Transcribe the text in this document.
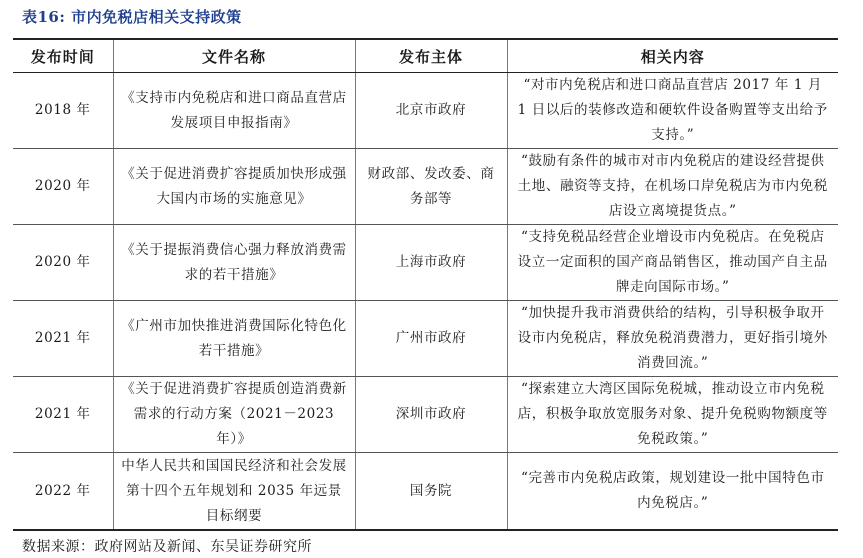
表16: 市内免税店相关支持政策
发布时间	文件名称	发布主体	相关内容
2018 年	《支持市内免税店和进口商品直营店发展项目申报指南》	北京市政府	“对市内免税店和进口商品直营店 2017 年 1 月 1 日以后的装修改造和硬软件设备购置等支出给予支持。”
2020 年	《关于促进消费扩容提质加快形成强大国内市场的实施意见》	财政部、发改委、商务部等	“鼓励有条件的城市对市内免税店的建设经营提供土地、融资等支持，在机场口岸免税店为市内免税店设立离境提货点。”
2020 年	《关于提振消费信心强力释放消费需求的若干措施》	上海市政府	“支持免税品经营企业增设市内免税店。在免税店设立一定面积的国产商品销售区，推动国产自主品牌走向国际市场。”
2021 年	《广州市加快推进消费国际化特色化若干措施》	广州市政府	“加快提升我市消费供给的结构，引导积极争取开设市内免税店，释放免税消费潜力，更好指引境外消费回流。”
2021 年	《关于促进消费扩容提质创造消费新需求的行动方案（2021－2023 年）》	深圳市政府	“探索建立大湾区国际免税城，推动设立市内免税店，积极争取放宽服务对象、提升免税购物额度等免税政策。”
2022 年	中华人民共和国国民经济和社会发展第十四个五年规划和 2035 年远景目标纲要	国务院	“完善市内免税店政策，规划建设一批中国特色市内免税店。”
数据来源：政府网站及新闻、东吴证券研究所
